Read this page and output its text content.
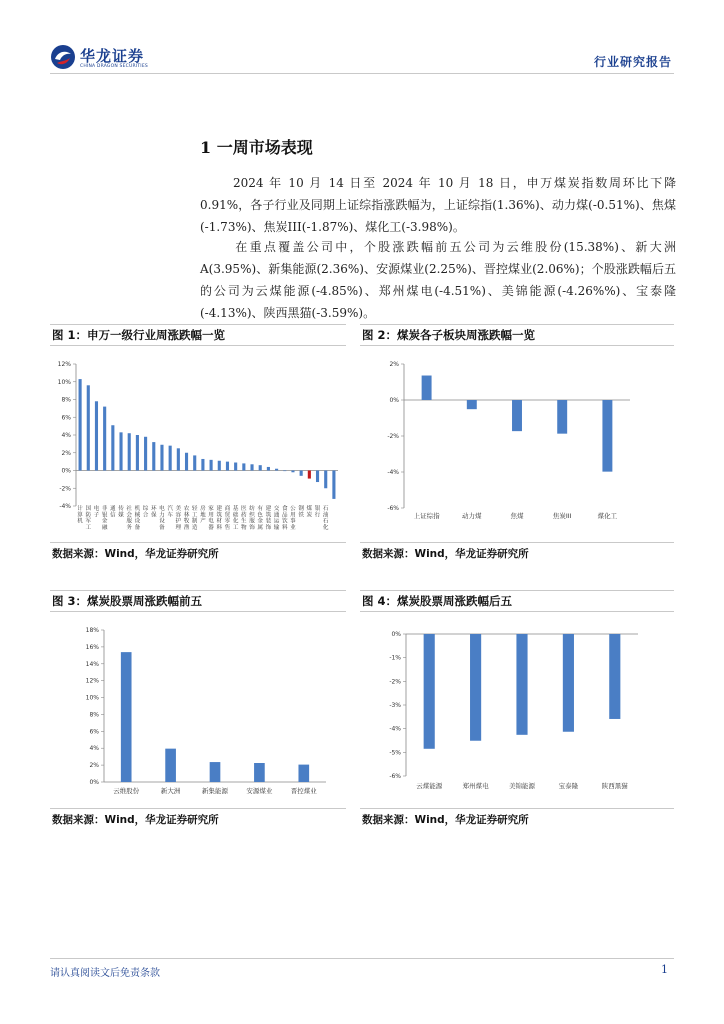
华龙证券
CHINA DRAGON SECURITIES	行业研究报告
1 一周市场表现
2024 年 10 月 14 日至 2024 年 10 月 18 日，申万煤炭指数周环比下降 0.91%，各子行业及同期上证综指涨跌幅为，上证综指(1.36%)、动力煤(-0.51%)、焦煤(-1.73%)、焦炭III(-1.87%)、煤化工(-3.98%)。
在重点覆盖公司中，个股涨跌幅前五公司为云维股份(15.38%)、新大洲A(3.95%)、新集能源(2.36%)、安源煤业(2.25%)、晋控煤业(2.06%)；个股涨跌幅后五的公司为云煤能源(-4.85%)、郑州煤电(-4.51%)、美锦能源(-4.26%%)、宝泰隆(-4.13%)、陕西黑猫(-3.59%)。
图 1：申万一级行业周涨跌幅一览
-4%
-2%
0%
2%
4%
6%
8%
10%
12%
计
算
机
国
防
军
工
电
子
非
银
金
融
通
信
传
媒
社
会
服
务
机
械
设
备
综
合
环
保
电
力
设
备
汽
车
美
容
护
理
农
林
牧
渔
轻
工
制
造
房
地
产
家
用
电
器
建
筑
材
料
商
贸
零
售
基
础
化
工
医
药
生
物
纺
织
服
饰
有
色
金
属
建
筑
装
饰
交
通
运
输
食
品
饮
料
公
用
事
业
钢
铁
煤
炭
银
行
石
油
石
化
数据来源：Wind，华龙证券研究所
图 2：煤炭各子板块周涨跌幅一览
-6%
-4%
-2%
0%
2%
上证综指	动力煤	焦煤	焦炭III	煤化工
数据来源：Wind，华龙证券研究所
图 3：煤炭股票周涨跌幅前五
0%
2%
4%
6%
8%
10%
12%
14%
16%
18%
云维股份	新大洲	新集能源	安源煤业	晋控煤业
数据来源：Wind，华龙证券研究所
图 4：煤炭股票周涨跌幅后五
-6%
-5%
-4%
-3%
-2%
-1%
0%
云煤能源	郑州煤电	美锦能源	宝泰隆	陕西黑猫
数据来源：Wind，华龙证券研究所
请认真阅读文后免责条款	1
